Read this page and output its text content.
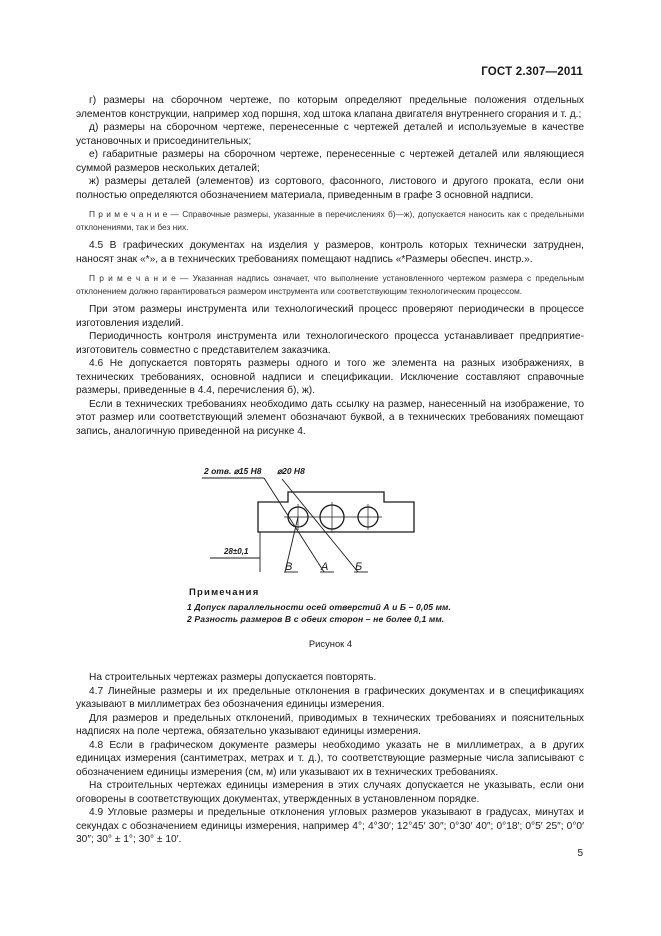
ГОСТ 2.307—2011

г) размеры на сборочном чертеже, по которым определяют предельные положения отдельных элементов конструкции, например ход поршня, ход штока клапана двигателя внутреннего сгорания и т. д.;

д) размеры на сборочном чертеже, перенесенные с чертежей деталей и используемые в качестве установочных и присоединительных;

е) габаритные размеры на сборочном чертеже, перенесенные с чертежей деталей или являющиеся суммой размеров нескольких деталей;

ж) размеры деталей (элементов) из сортового, фасонного, листового и другого проката, если они полностью определяются обозначением материала, приведенным в графе 3 основной надписи.

П р и м е ч а н и е — Справочные размеры, указанные в перечислениях б)—ж), допускается наносить как с предельными отклонениями, так и без них.

4.5 В графических документах на изделия у размеров, контроль которых технически затруднен, наносят знак «*», а в технических требованиях помещают надпись «*Размеры обеспеч. инстр.».

П р и м е ч а н и е — Указанная надпись означает, что выполнение установленного чертежом размера с предельным отклонением должно гарантироваться размером инструмента или соответствующим технологическим процессом.

При этом размеры инструмента или технологический процесс проверяют периодически в процессе изготовления изделий.

Периодичность контроля инструмента или технологического процесса устанавливает предприятие-изготовитель совместно с представителем заказчика.

4.6 Не допускается повторять размеры одного и того же элемента на разных изображениях, в технических требованиях, основной надписи и спецификации. Исключение составляют справочные размеры, приведенные в 4.4, перечисления б), ж).

Если в технических требованиях необходимо дать ссылку на размер, нанесенный на изображение, то этот размер или соответствующий элемент обозначают буквой, а в технических требованиях помещают запись, аналогичную приведенной на рисунке 4.

2 отв. ⌀15 Н8 ⌀20 Н8
28±0,1
В	А Б
Примечания
1 Допуск параллельности осей отверстий А и Б – 0,05 мм.
2 Разность размеров В с обеих сторон – не более 0,1 мм.
Рисунок 4

На строительных чертежах размеры допускается повторять.

4.7 Линейные размеры и их предельные отклонения в графических документах и в спецификациях указывают в миллиметрах без обозначения единицы измерения.

Для размеров и предельных отклонений, приводимых в технических требованиях и пояснительных надписях на поле чертежа, обязательно указывают единицы измерения.

4.8 Если в графическом документе размеры необходимо указать не в миллиметрах, а в других единицах измерения (сантиметрах, метрах и т. д.), то соответствующие размерные числа записывают с обозначением единицы измерения (см, м) или указывают их в технических требованиях.

На строительных чертежах единицы измерения в этих случаях допускается не указывать, если они оговорены в соответствующих документах, утвержденных в установленном порядке.

4.9 Угловые размеры и предельные отклонения угловых размеров указывают в градусах, минутах и секундах с обозначением единицы измерения, например 4°; 4°30′; 12°45′ 30″; 0°30′ 40″; 0°18′; 0°5′ 25″; 0°0′ 30″; 30° ± 1°; 30° ± 10′.

5
